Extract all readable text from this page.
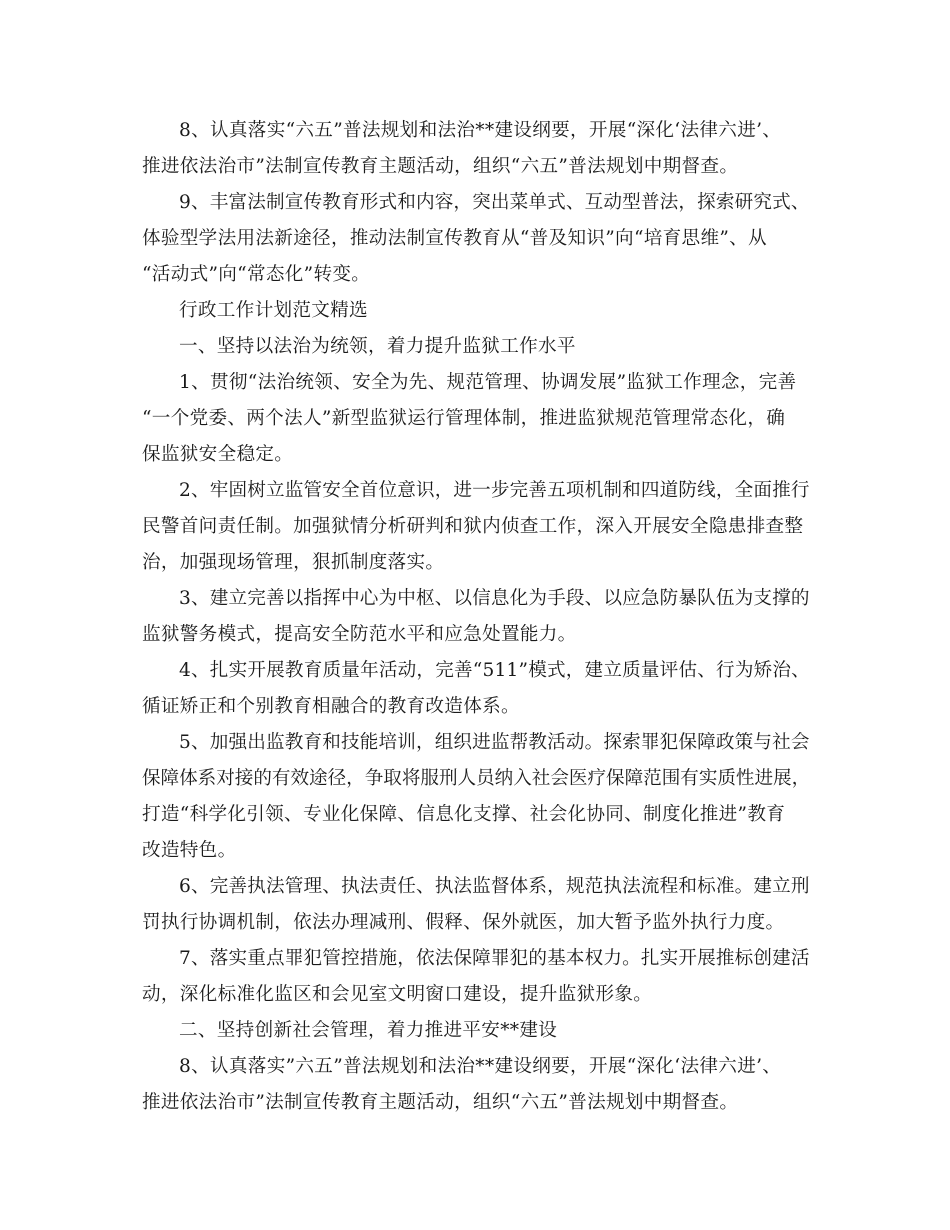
8、认真落实“六五”普法规划和法治**建设纲要，开展“深化‘法律六进’、
推进依法治市”法制宣传教育主题活动，组织“六五”普法规划中期督查。
9、丰富法制宣传教育形式和内容，突出菜单式、互动型普法，探索研究式、
体验型学法用法新途径，推动法制宣传教育从“普及知识”向“培育思维”、从
“活动式”向“常态化”转变。
行政工作计划范文精选
一、坚持以法治为统领，着力提升监狱工作水平
1、贯彻“法治统领、安全为先、规范管理、协调发展”监狱工作理念，完善
“一个党委、两个法人”新型监狱运行管理体制，推进监狱规范管理常态化，确
保监狱安全稳定。
2、牢固树立监管安全首位意识，进一步完善五项机制和四道防线，全面推行
民警首问责任制。加强狱情分析研判和狱内侦查工作，深入开展安全隐患排查整
治，加强现场管理，狠抓制度落实。
3、建立完善以指挥中心为中枢、以信息化为手段、以应急防暴队伍为支撑的
监狱警务模式，提高安全防范水平和应急处置能力。
4、扎实开展教育质量年活动，完善“511”模式，建立质量评估、行为矫治、
循证矫正和个别教育相融合的教育改造体系。
5、加强出监教育和技能培训，组织进监帮教活动。探索罪犯保障政策与社会
保障体系对接的有效途径，争取将服刑人员纳入社会医疗保障范围有实质性进展，
打造“科学化引领、专业化保障、信息化支撑、社会化协同、制度化推进”教育
改造特色。
6、完善执法管理、执法责任、执法监督体系，规范执法流程和标准。建立刑
罚执行协调机制，依法办理减刑、假释、保外就医，加大暂予监外执行力度。
7、落实重点罪犯管控措施，依法保障罪犯的基本权力。扎实开展推标创建活
动，深化标准化监区和会见室文明窗口建设，提升监狱形象。
二、坚持创新社会管理，着力推进平安**建设
8、认真落实”六五”普法规划和法治**建设纲要，开展“深化‘法律六进’、
推进依法治市”法制宣传教育主题活动，组织“六五”普法规划中期督查。
